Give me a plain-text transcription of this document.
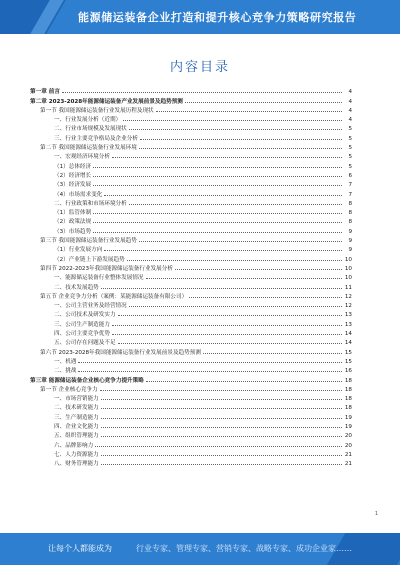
能源储运装备企业打造和提升核心竞争力策略研究报告
内容目录
第一章 前言	4
第二章 2023-2028年能源储运装备产业发展前景及趋势预测	4
第一节 我国能源储运装备行业发展历程及现状	4
一、行业发展分析（近期）	4
二、行业市场规模及发展现状	5
三、行业主要竞争格局及企业分析	5
第二节 我国能源储运装备行业发展环境	5
一、宏观经济环境分析	5
（1）总体经济	5
（2）经济增长	6
（3）经济发展	7
（4）市场需求变化	7
二、行业政策和市场环境分析	8
（1）监管体制	8
（2）政策法规	8
（3）市场趋势	9
第三节 我国能源储运装备行业发展趋势	9
（1）行业发展方向	9
（2）产业链上下游发展趋势	10
第四节 2022-2023年我国能源储运装备行业发展分析	10
一、能源储运装备行业整体发展情况	10
二、技术发展趋势	11
第五节 企业竞争力分析（案例：某能源储运装备有限公司）	12
一、公司主营业务及经营情况	12
二、公司技术及研发实力	13
三、公司生产制造能力	13
四、公司主要竞争优势	14
五、公司存在问题及不足	14
第六节 2023-2028年我国能源储运装备行业发展前景及趋势预测	15
一、机遇	15
二、挑战	16
第三章 能源储运装备企业核心竞争力提升策略	18
第一节 企业核心竞争力	18
一、市场营销能力	18
二、技术研发能力	18
三、生产制造能力	19
四、企业文化能力	19
五、组织管理能力	20
六、品牌影响力	20
七、人力资源能力	21
八、财务管理能力	21
1
让每个人都能成为	行业专家、管理专家、营销专家、战略专家、成功企业家……
